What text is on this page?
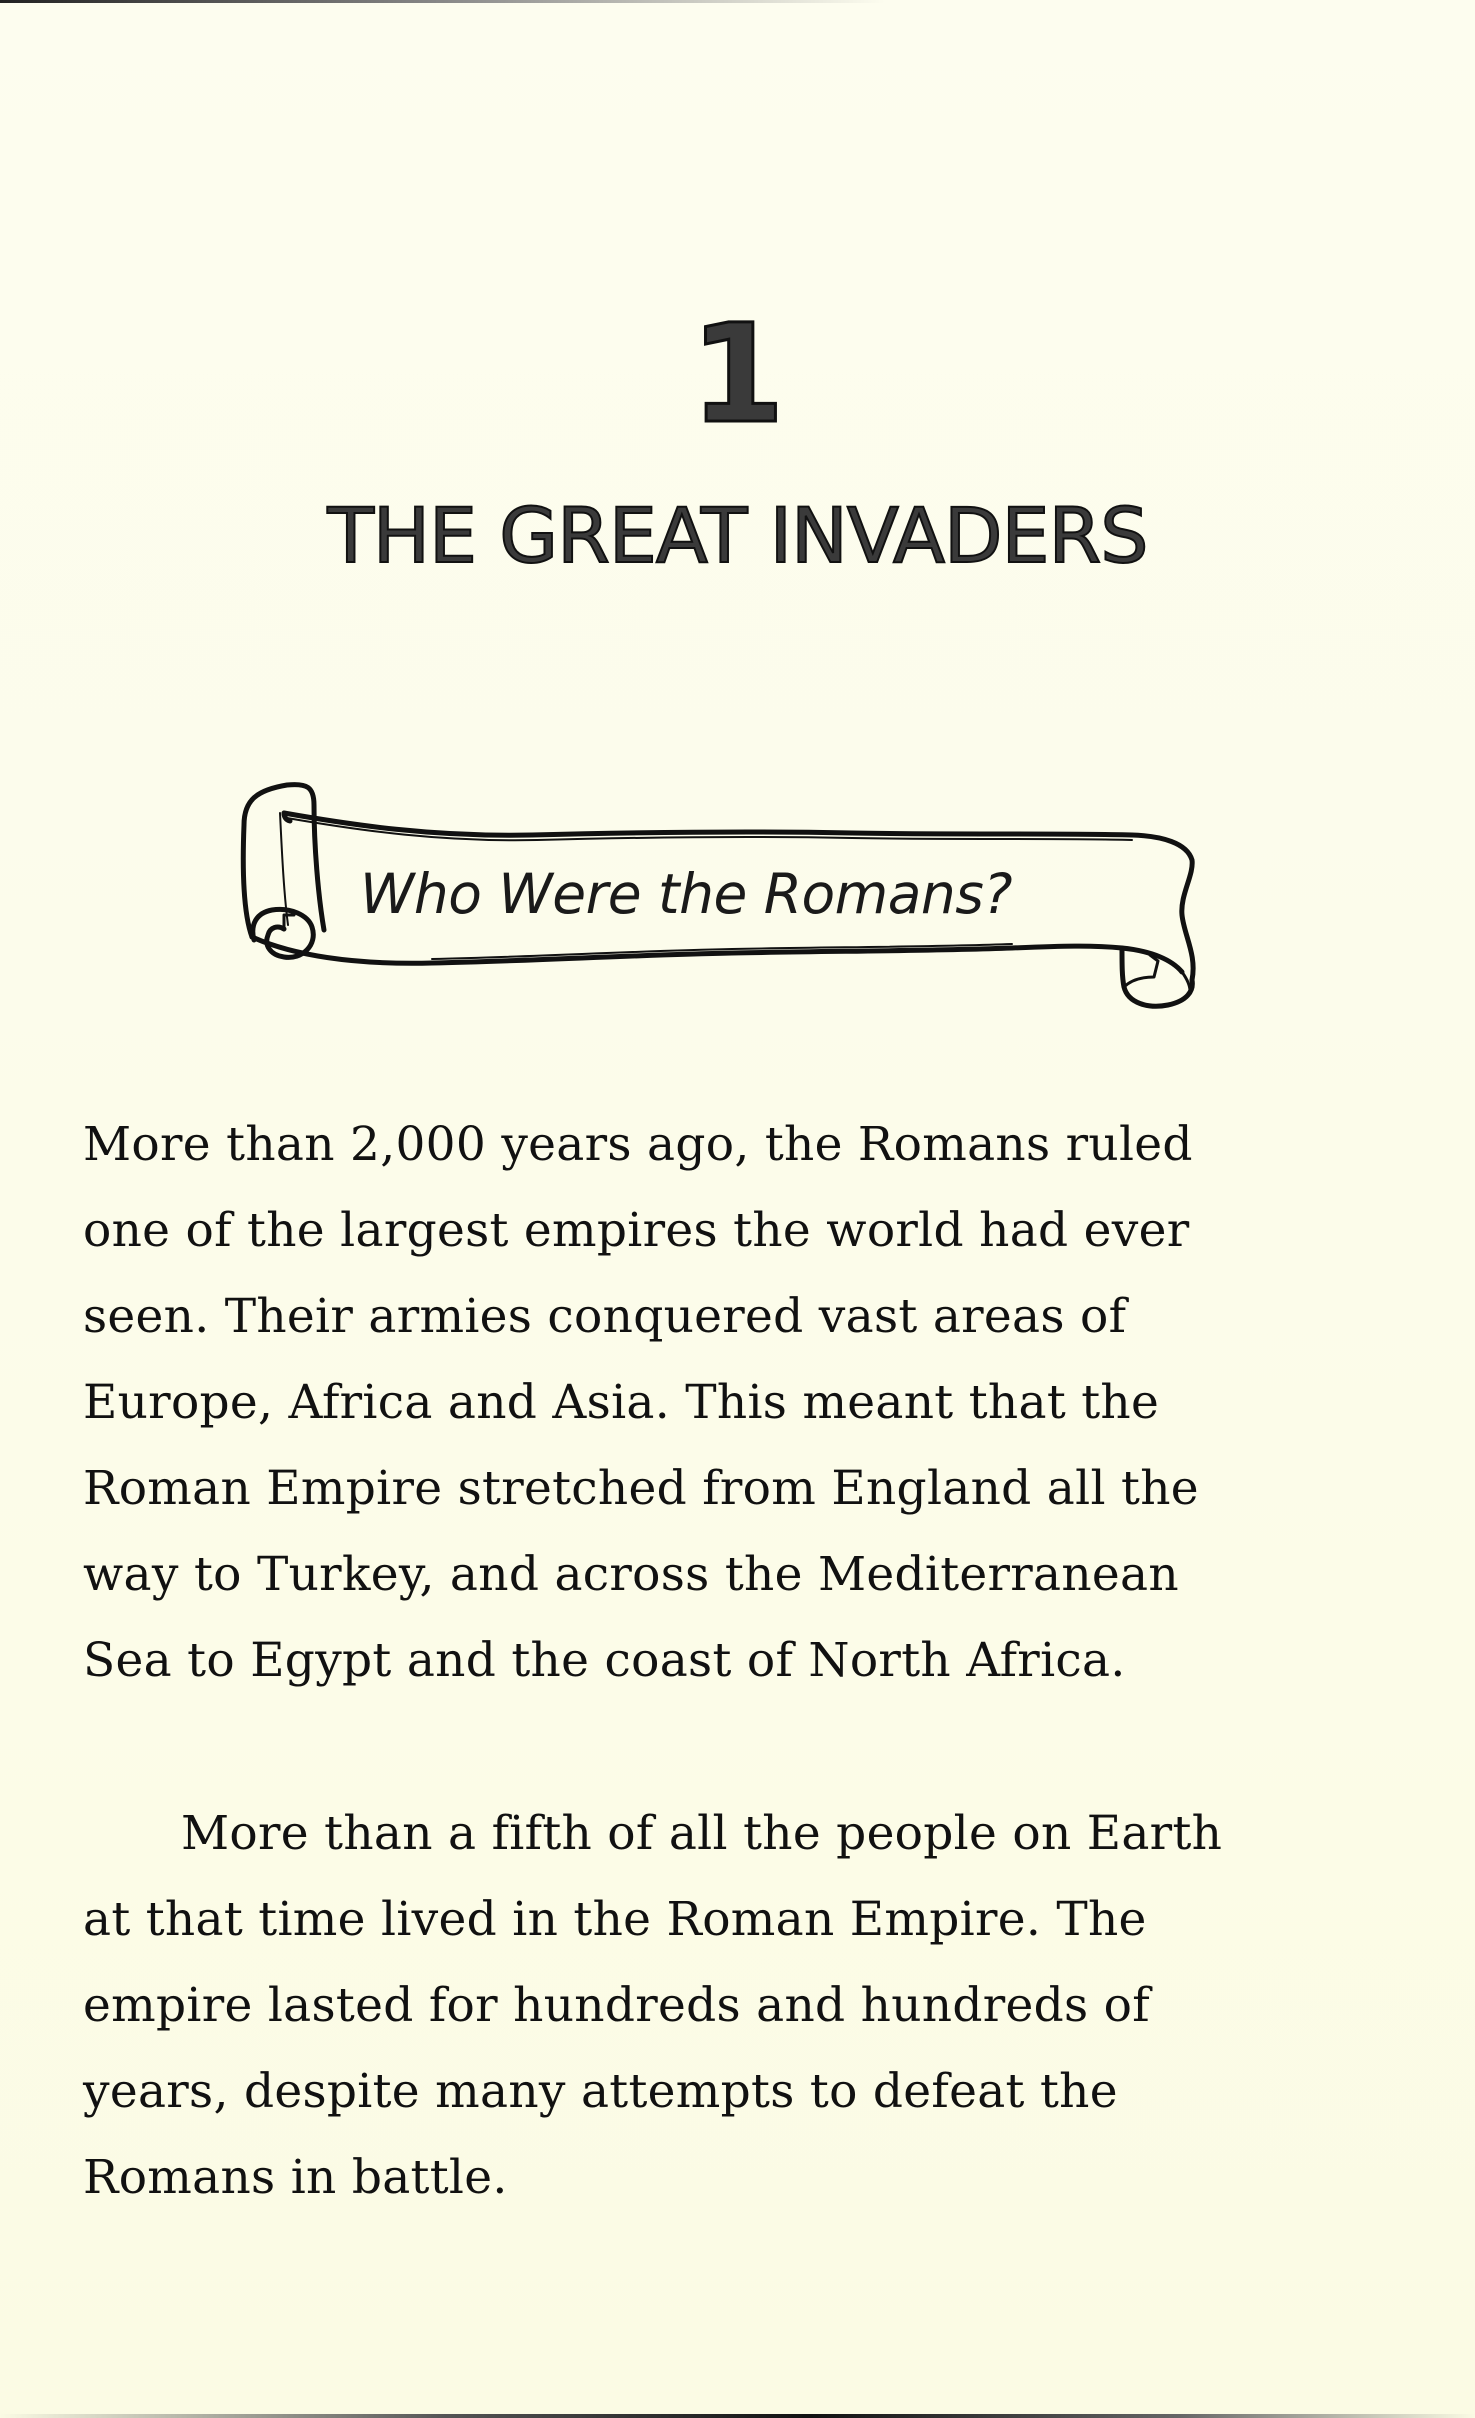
1
THE GREAT INVADERS
Who Were the Romans?
More than 2,000 years ago, the Romans ruled
one of the largest empires the world had ever
seen. Their armies conquered vast areas of
Europe, Africa and Asia. This meant that the
Roman Empire stretched from England all the
way to Turkey, and across the Mediterranean
Sea to Egypt and the coast of North Africa.
More than a fifth of all the people on Earth
at that time lived in the Roman Empire. The
empire lasted for hundreds and hundreds of
years, despite many attempts to defeat the
Romans in battle.
